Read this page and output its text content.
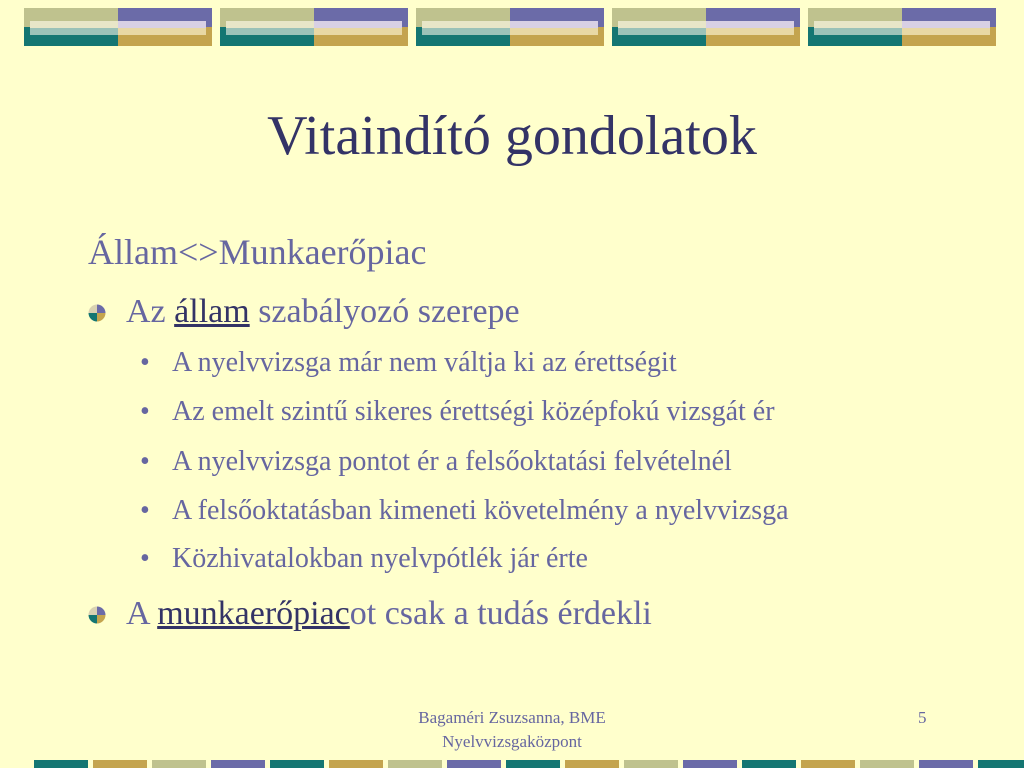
Vitaindító gondolatok
Állam<>Munkaerőpiac
Az állam szabályozó szerepe
• A nyelvvizsga már nem váltja ki az érettségit
• Az emelt szintű sikeres érettségi középfokú vizsgát ér
• A nyelvvizsga pontot ér a felsőoktatási felvételnél
• A felsőoktatásban kimeneti követelmény a nyelvvizsga
• Közhivatalokban nyelvpótlék jár érte
A munkaerőpiacot csak a tudás érdekli
Bagaméri Zsuzsanna, BME
Nyelvvizsgaközpont
5
